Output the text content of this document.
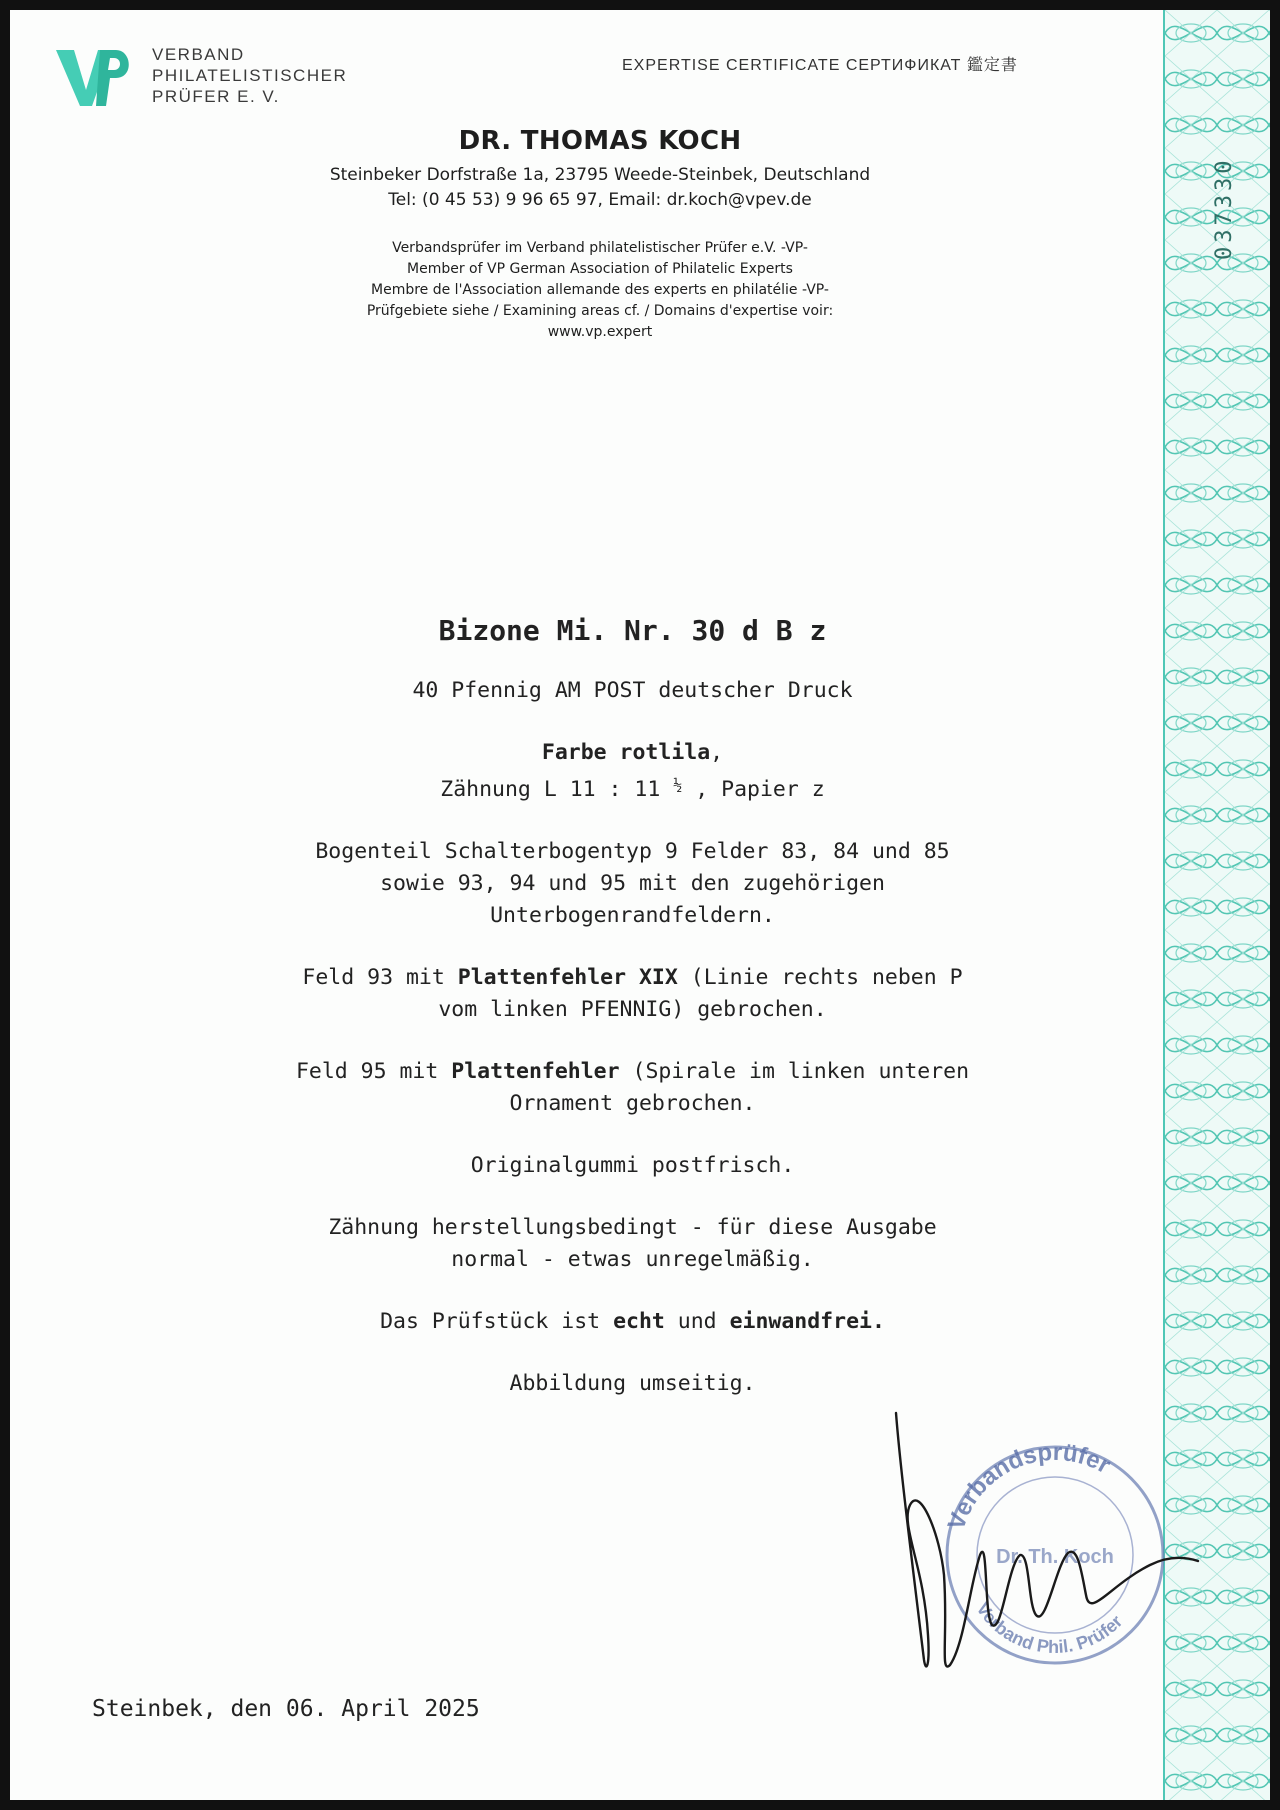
037330
VERBAND
PHILATELISTISCHER
PRÜFER E. V.
EXPERTISE CERTIFICATE СЕРТИФИКАТ 鑑定書
DR. THOMAS KOCH
Steinbeker Dorfstraße 1a, 23795 Weede-Steinbek, Deutschland
Tel: (0 45 53) 9 96 65 97, Email: dr.koch@vpev.de
Verbandsprüfer im Verband philatelistischer Prüfer e.V. -VP-
Member of VP German Association of Philatelic Experts
Membre de l'Association allemande des experts en philatélie -VP-
Prüfgebiete siehe / Examining areas cf. / Domains d'expertise voir:
www.vp.expert
Bizone Mi. Nr. 30 d B z

40 Pfennig AM POST deutscher Druck

Farbe rotlila,
Zähnung L 11 : 11 $^{\frac{1}{2}}$ , Papier z

Bogenteil Schalterbogentyp 9 Felder 83, 84 und 85
sowie 93, 94 und 95 mit den zugehörigen
Unterbogenrandfeldern.

Feld 93 mit Plattenfehler XIX (Linie rechts neben P
vom linken PFENNIG) gebrochen.

Feld 95 mit Plattenfehler (Spirale im linken unteren
Ornament gebrochen.

Originalgummi postfrisch.

Zähnung herstellungsbedingt - für diese Ausgabe
normal - etwas unregelmäßig.

Das Prüfstück ist echt und einwandfrei.

Abbildung umseitig.

Verbandsprüfer
Dr. Th. Koch
Verband Phil. Prüfer
Steinbek, den 06. April 2025
